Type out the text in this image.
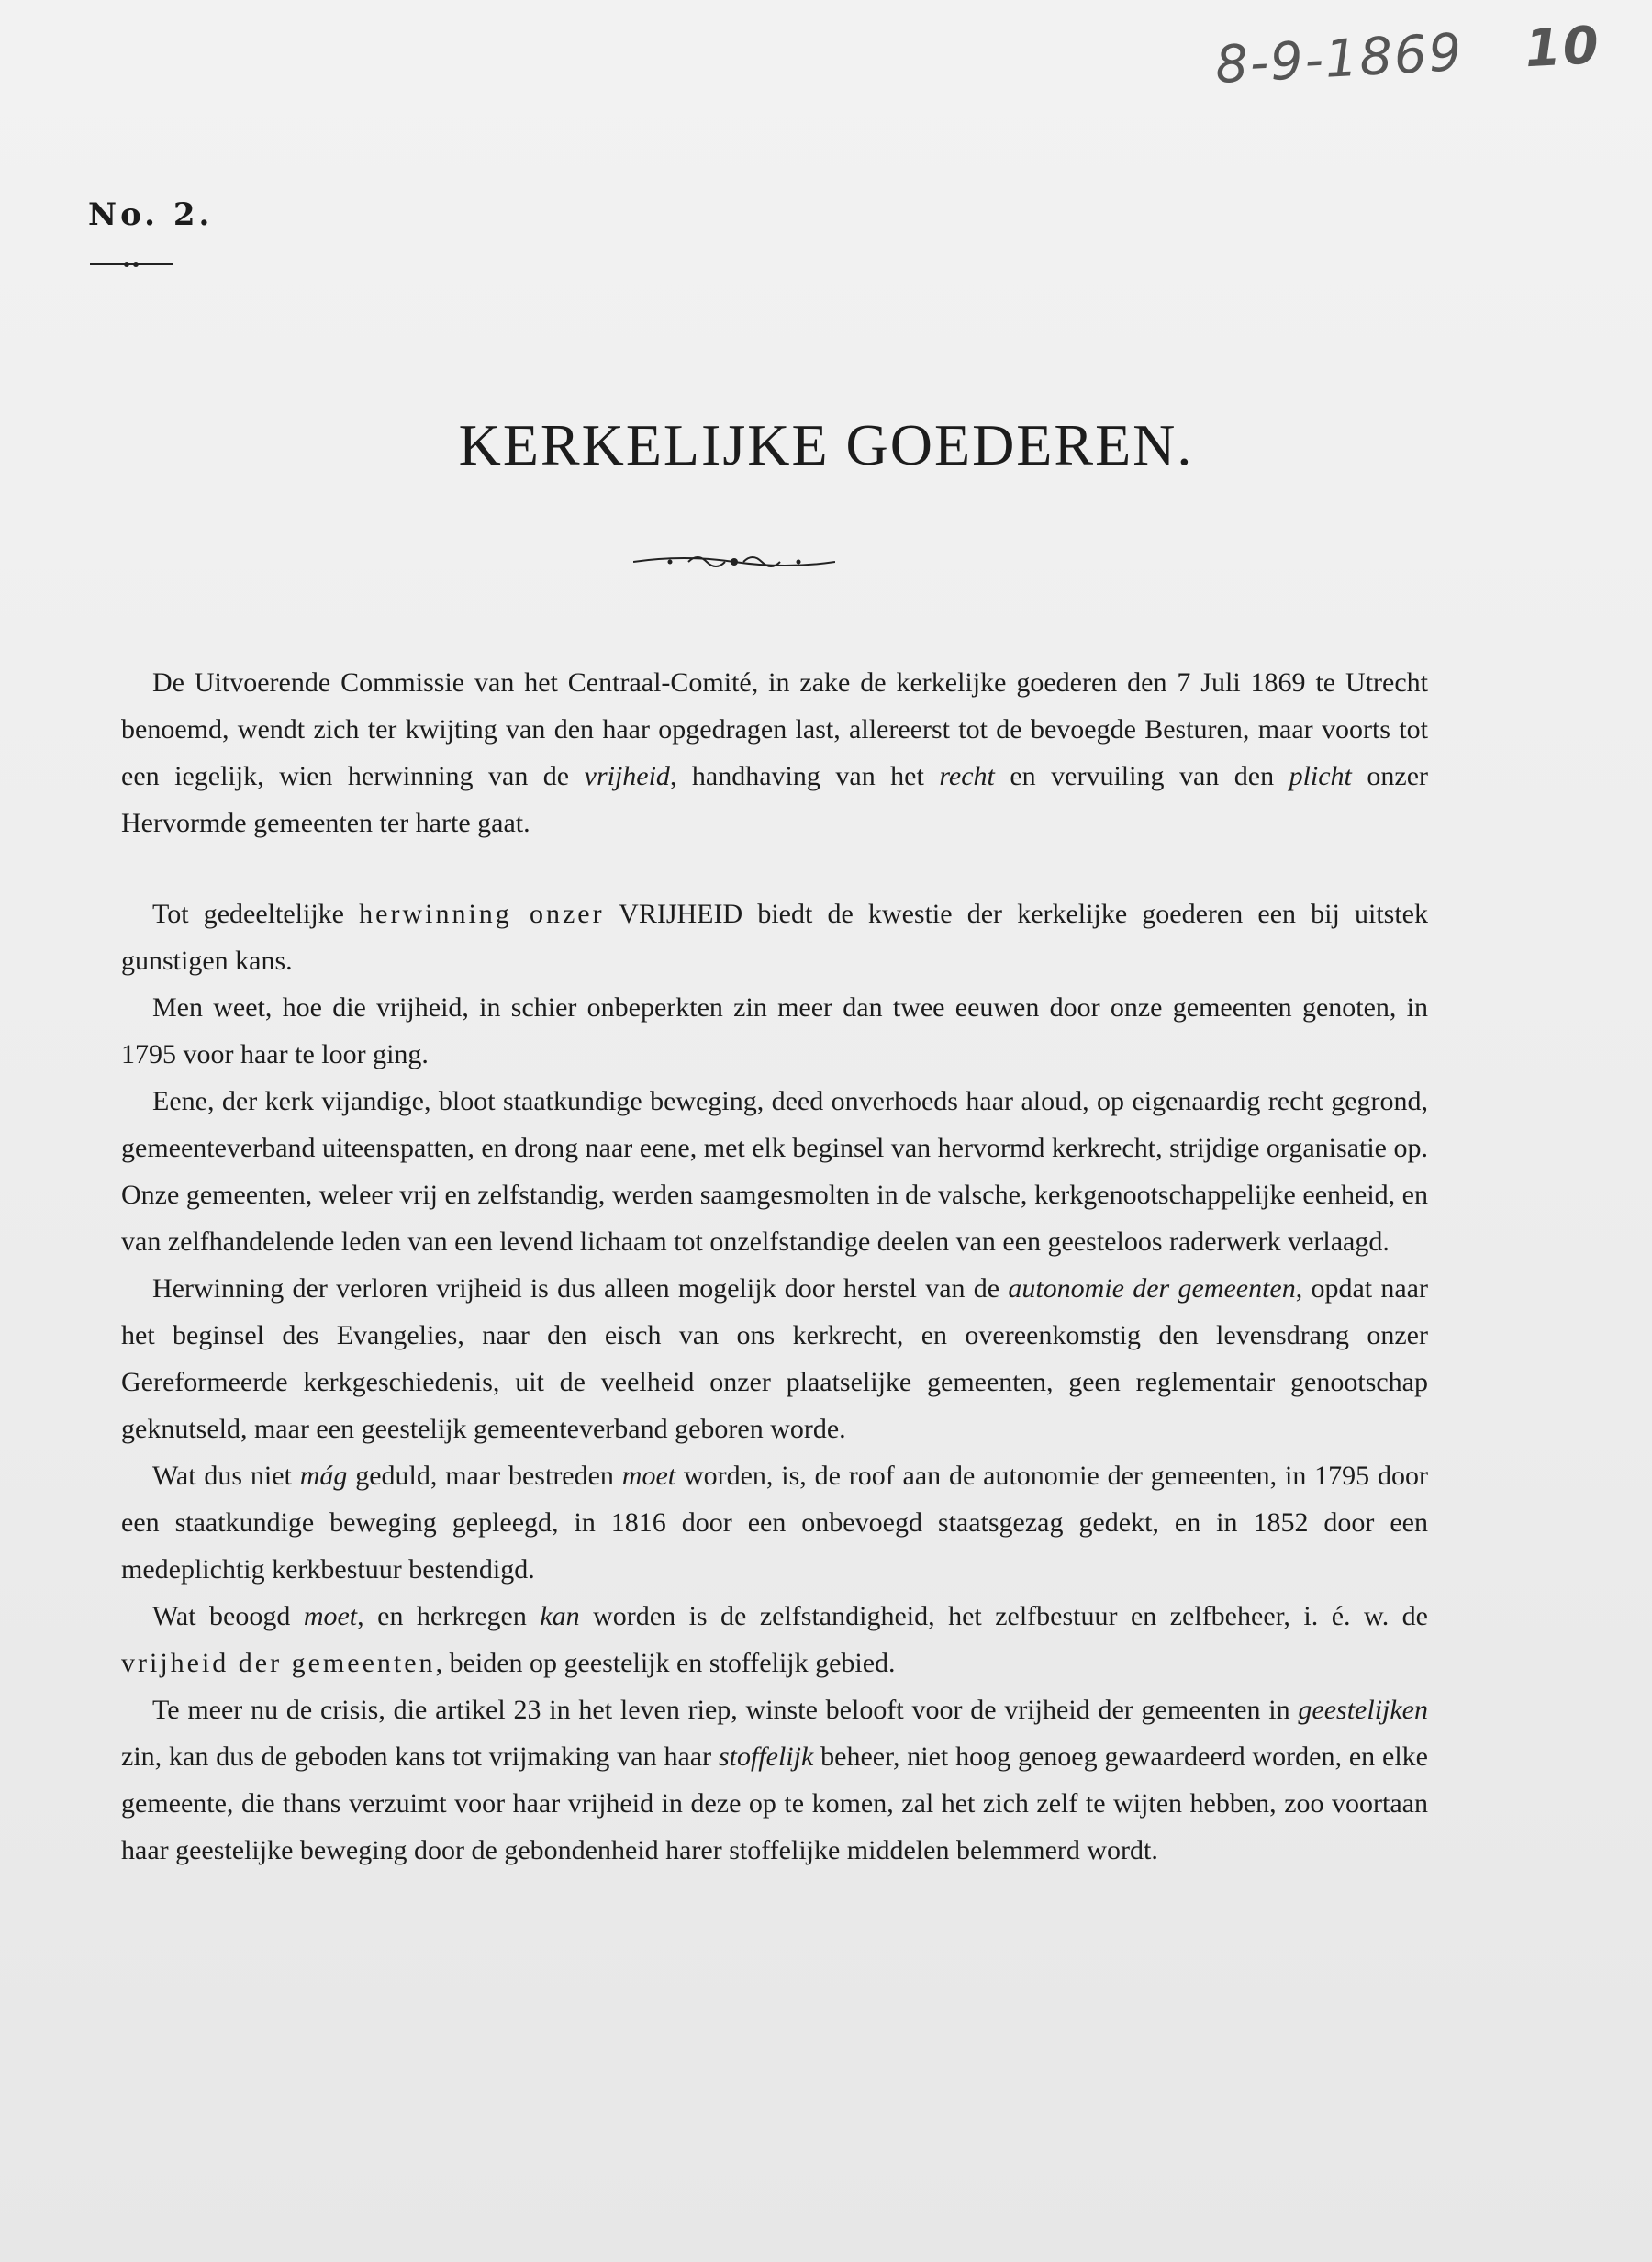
8-9-1869 10
No. 2.
KERKELIJKE GOEDEREN.

De Uitvoerende Commissie van het Centraal-Comité, in zake de kerkelijke goederen den 7 Juli 1869 te Utrecht benoemd, wendt zich ter kwijting van den haar opgedragen last, allereerst tot de bevoegde Besturen, maar voorts tot een iegelijk, wien herwinning van de vrijheid, handhaving van het recht en vervuiling van den plicht onzer Hervormde gemeenten ter harte gaat.

Tot gedeeltelijke herwinning onzer VRIJHEID biedt de kwestie der kerkelijke goederen een bij uitstek gunstigen kans.

Men weet, hoe die vrijheid, in schier onbeperkten zin meer dan twee eeuwen door onze gemeenten genoten, in 1795 voor haar te loor ging.

Eene, der kerk vijandige, bloot staatkundige beweging, deed onverhoeds haar aloud, op eigenaardig recht gegrond, gemeenteverband uiteenspatten, en drong naar eene, met elk beginsel van hervormd kerkrecht, strijdige organisatie op. Onze gemeenten, weleer vrij en zelfstandig, werden saamgesmolten in de valsche, kerkgenootschappelijke eenheid, en van zelfhandelende leden van een levend lichaam tot onzelfstandige deelen van een geesteloos raderwerk verlaagd.

Herwinning der verloren vrijheid is dus alleen mogelijk door herstel van de autonomie der gemeenten, opdat naar het beginsel des Evangelies, naar den eisch van ons kerkrecht, en overeenkomstig den levensdrang onzer Gereformeerde kerkgeschiedenis, uit de veelheid onzer plaatselijke gemeenten, geen reglementair genootschap geknutseld, maar een geestelijk gemeenteverband geboren worde.

Wat dus niet mág geduld, maar bestreden moet worden, is, de roof aan de autonomie der gemeenten, in 1795 door een staatkundige beweging gepleegd, in 1816 door een onbevoegd staatsgezag gedekt, en in 1852 door een medeplichtig kerkbestuur bestendigd.

Wat beoogd moet, en herkregen kan worden is de zelfstandigheid, het zelfbestuur en zelfbeheer, i. é. w. de vrijheid der gemeenten, beiden op geestelijk en stoffelijk gebied.

Te meer nu de crisis, die artikel 23 in het leven riep, winste belooft voor de vrijheid der gemeenten in geestelijken zin, kan dus de geboden kans tot vrijmaking van haar stoffelijk beheer, niet hoog genoeg gewaardeerd worden, en elke gemeente, die thans verzuimt voor haar vrijheid in deze op te komen, zal het zich zelf te wijten hebben, zoo voortaan haar geestelijke beweging door de gebondenheid harer stoffelijke middelen belemmerd wordt.
